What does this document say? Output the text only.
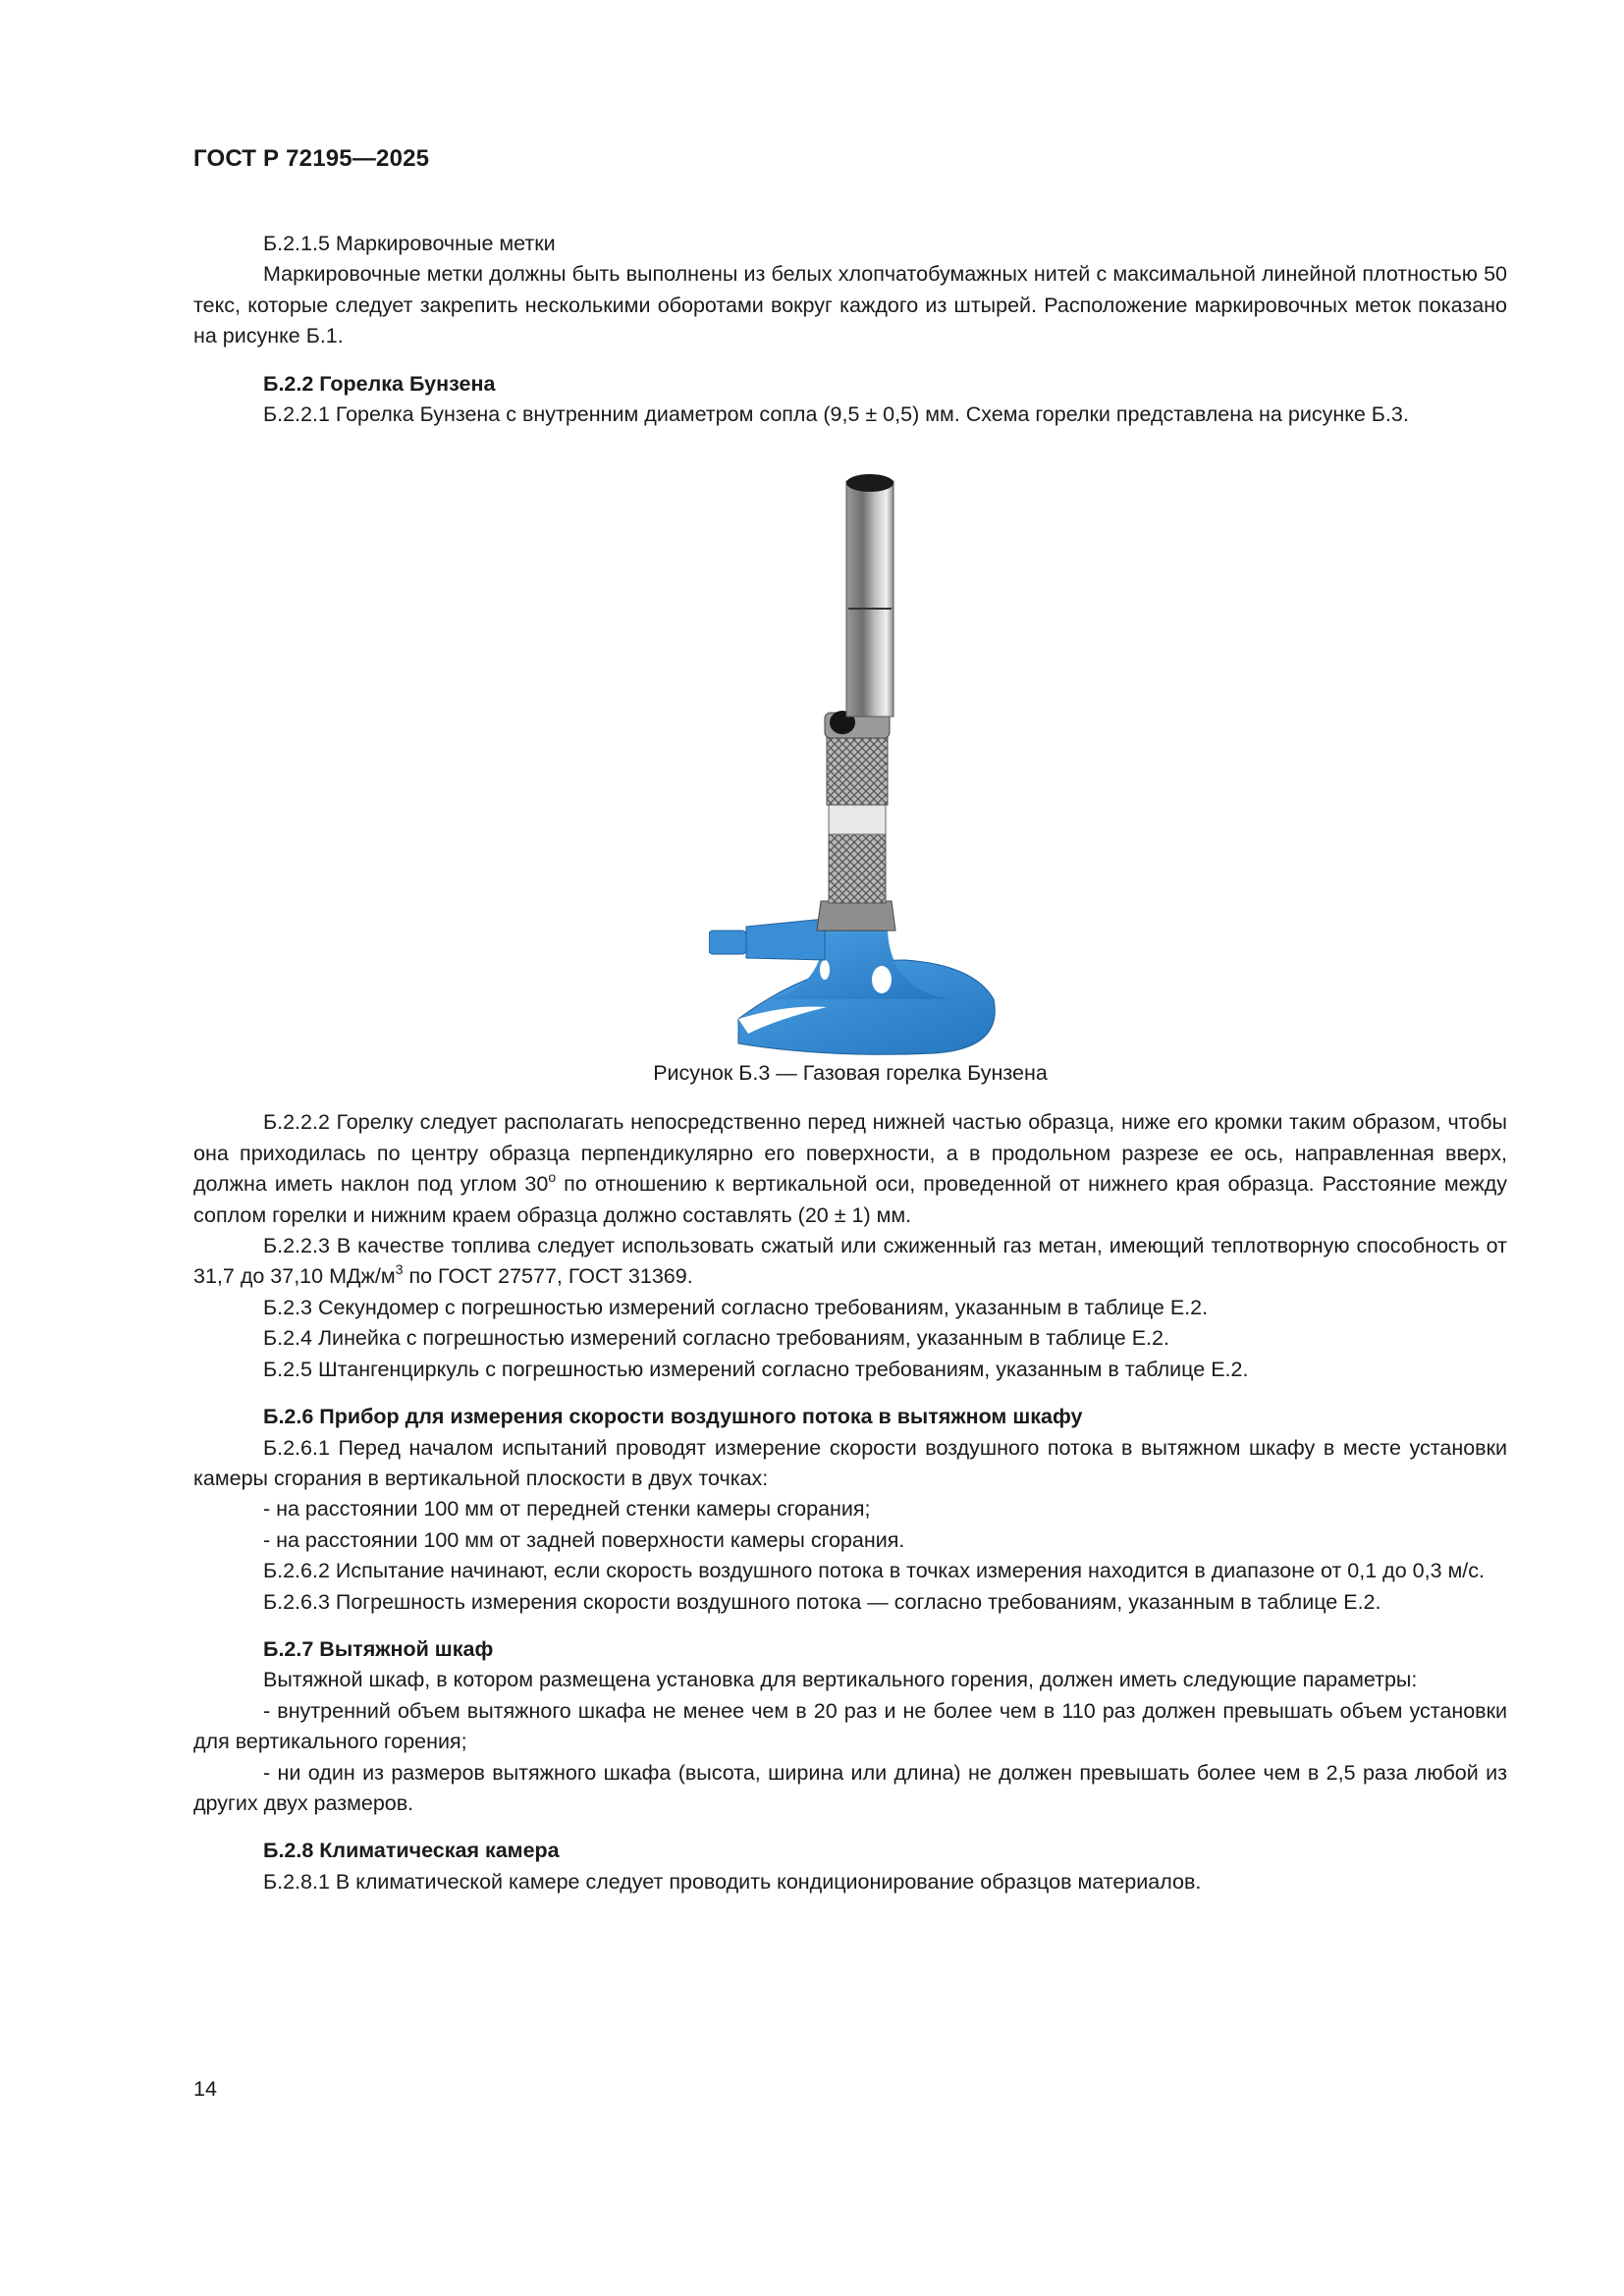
ГОСТ Р 72195—2025

Б.2.1.5 Маркировочные метки

Маркировочные метки должны быть выполнены из белых хлопчатобумажных нитей с максимальной линейной плотностью 50 текс, которые следует закрепить несколькими оборотами вокруг каждого из штырей. Расположение маркировочных меток показано на рисунке Б.1.

Б.2.2 Горелка Бунзена

Б.2.2.1 Горелка Бунзена с внутренним диаметром сопла (9,5 ± 0,5) мм. Схема горелки представлена на рисунке Б.3.

Рисунок Б.3 — Газовая горелка Бунзена

Б.2.2.2 Горелку следует располагать непосредственно перед нижней частью образца, ниже его кромки таким образом, чтобы она приходилась по центру образца перпендикулярно его поверхности, а в продольном разрезе ее ось, направленная вверх, должна иметь наклон под углом $30^о$ по отношению к вертикальной оси, проведенной от нижнего края образца. Расстояние между соплом горелки и нижним краем образца должно составлять (20 ± 1) мм.

Б.2.2.3 В качестве топлива следует использовать сжатый или сжиженный газ метан, имеющий теплотворную способность от 31,7 до 37,10 МДж/$м^3$ по ГОСТ 27577, ГОСТ 31369.

Б.2.3 Секундомер с погрешностью измерений согласно требованиям, указанным в таблице Е.2.

Б.2.4 Линейка с погрешностью измерений согласно требованиям, указанным в таблице Е.2.

Б.2.5 Штангенциркуль с погрешностью измерений согласно требованиям, указанным в таблице Е.2.

Б.2.6 Прибор для измерения скорости воздушного потока в вытяжном шкафу

Б.2.6.1 Перед началом испытаний проводят измерение скорости воздушного потока в вытяжном шкафу в месте установки камеры сгорания в вертикальной плоскости в двух точках:

- на расстоянии 100 мм от передней стенки камеры сгорания;

- на расстоянии 100 мм от задней поверхности камеры сгорания.

Б.2.6.2 Испытание начинают, если скорость воздушного потока в точках измерения находится в диапазоне от 0,1 до 0,3 м/с.

Б.2.6.3 Погрешность измерения скорости воздушного потока — согласно требованиям, указанным в таблице Е.2.

Б.2.7 Вытяжной шкаф

Вытяжной шкаф, в котором размещена установка для вертикального горения, должен иметь следующие параметры:

- внутренний объем вытяжного шкафа не менее чем в 20 раз и не более чем в 110 раз должен превышать объем установки для вертикального горения;

- ни один из размеров вытяжного шкафа (высота, ширина или длина) не должен превышать более чем в 2,5 раза любой из других двух размеров.

Б.2.8 Климатическая камера

Б.2.8.1 В климатической камере следует проводить кондиционирование образцов материалов.

14
